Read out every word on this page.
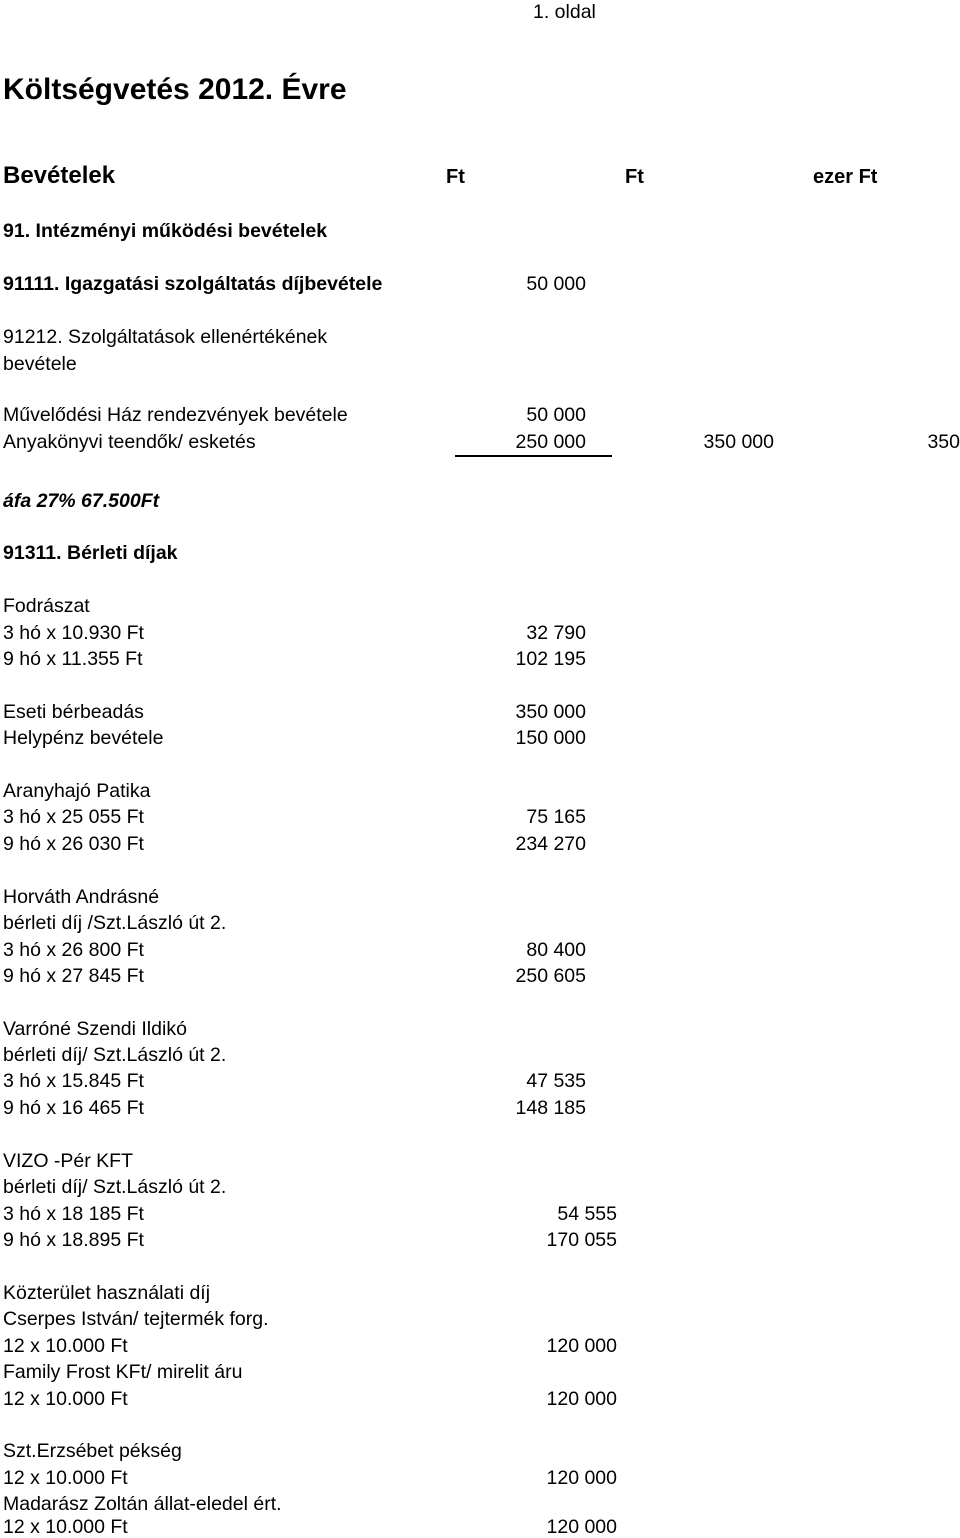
1. oldal
Költségvetés 2012. Évre
Bevételek	Ft	Ft	ezer Ft
91. Intézményi működési bevételek
91111. Igazgatási szolgáltatás díjbevétele	50 000
91212. Szolgáltatások ellenértékének
bevétele
Művelődési Ház rendezvények bevétele	50 000
Anyakönyvi teendők/ esketés	250 000	350 000	350
áfa 27% 67.500Ft
91311. Bérleti díjak
Fodrászat
3 hó x 10.930 Ft	32 790
9 hó x 11.355 Ft	102 195
Eseti bérbeadás	350 000
Helypénz bevétele	150 000
Aranyhajó Patika
3 hó x 25 055 Ft	75 165
9 hó x 26 030 Ft	234 270
Horváth Andrásné
bérleti díj /Szt.László út 2.
3 hó x 26 800 Ft	80 400
9 hó x 27 845 Ft	250 605
Varróné Szendi Ildikó
bérleti díj/ Szt.László út 2.
3 hó x 15.845 Ft	47 535
9 hó x 16 465 Ft	148 185
VIZO -Pér KFT
bérleti díj/ Szt.László út 2.
3 hó x 18 185 Ft	54 555
9 hó x 18.895 Ft	170 055
Közterület használati díj
Cserpes István/ tejtermék forg.
12 x 10.000 Ft	120 000
Family Frost KFt/ mirelit áru
12 x 10.000 Ft	120 000
Szt.Erzsébet pékség
12 x 10.000 Ft	120 000
Madarász Zoltán állat-eledel ért.
12 x 10.000 Ft	120 000
